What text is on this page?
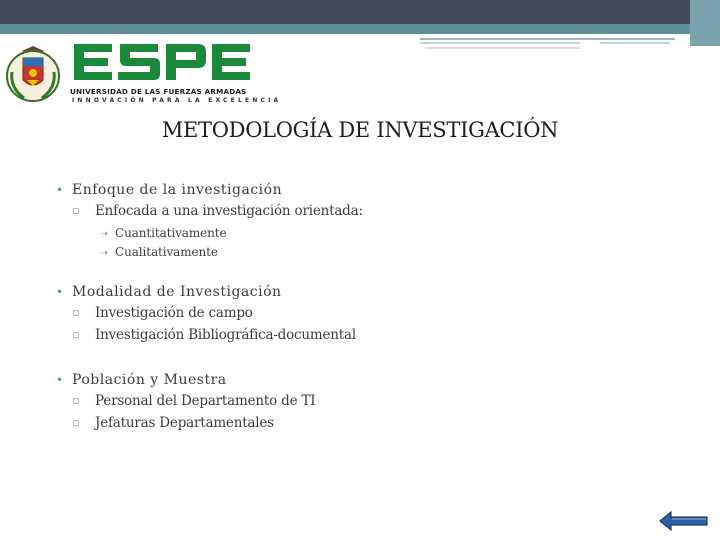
UNIVERSIDAD DE LAS FUERZAS ARMADAS
INNOVACIÓN PARA LA EXCELENCIA
METODOLOGÍA DE INVESTIGACIÓN
• Enfoque de la investigación
▫ Enfocada a una investigación orientada:
➝ Cuantitativamente
➝ Cualitativamente
• Modalidad de Investigación
▫ Investigación de campo
▫ Investigación Bibliográfica-documental
• Población y Muestra
▫ Personal del Departamento de TI
▫ Jefaturas Departamentales
